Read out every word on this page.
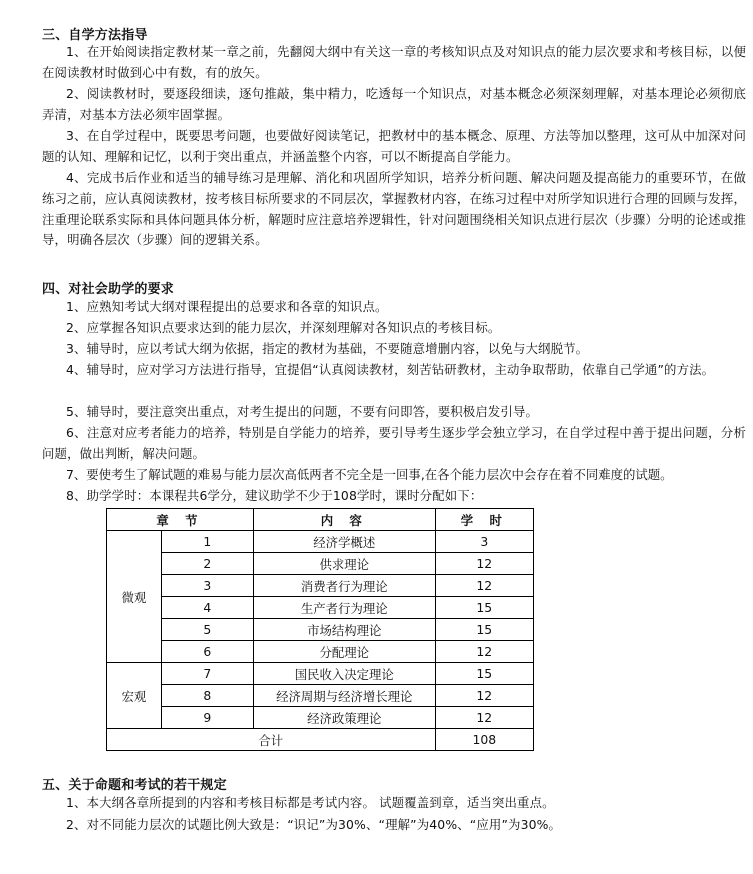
三、自学方法指导

1、在开始阅读指定教材某一章之前，先翻阅大纲中有关这一章的考核知识点及对知识点的能力层次要求和考核目标，以便在阅读教材时做到心中有数，有的放矢。

2、阅读教材时，要逐段细读，逐句推敲，集中精力，吃透每一个知识点，对基本概念必须深刻理解，对基本理论必须彻底弄清，对基本方法必须牢固掌握。

3、在自学过程中，既要思考问题，也要做好阅读笔记，把教材中的基本概念、原理、方法等加以整理，这可从中加深对问题的认知、理解和记忆，以利于突出重点，并涵盖整个内容，可以不断提高自学能力。

4、完成书后作业和适当的辅导练习是理解、消化和巩固所学知识，培养分析问题、解决问题及提高能力的重要环节，在做练习之前，应认真阅读教材，按考核目标所要求的不同层次，掌握教材内容，在练习过程中对所学知识进行合理的回顾与发挥，注重理论联系实际和具体问题具体分析，解题时应注意培养逻辑性，针对问题围绕相关知识点进行层次（步骤）分明的论述或推导，明确各层次（步骤）间的逻辑关系。

四、对社会助学的要求
1、应熟知考试大纲对课程提出的总要求和各章的知识点。
2、应掌握各知识点要求达到的能力层次，并深刻理解对各知识点的考核目标。
3、辅导时，应以考试大纲为依据，指定的教材为基础，不要随意增删内容，以免与大纲脱节。

4、辅导时，应对学习方法进行指导，宜提倡“认真阅读教材，刻苦钻研教材，主动争取帮助，依靠自己学通”的方法。

5、辅导时，要注意突出重点，对考生提出的问题，不要有问即答，要积极启发引导。

6、注意对应考者能力的培养，特别是自学能力的培养，要引导考生逐步学会独立学习，在自学过程中善于提出问题，分析问题，做出判断，解决问题。

7、要使考生了解试题的难易与能力层次高低两者不完全是一回事,在各个能力层次中会存在着不同难度的试题。
8、助学学时：本课程共6学分，建议助学不少于108学时，课时分配如下：
章 节		内 容	学 时
微观	1	经济学概述	3
	2	供求理论	12
	3	消费者行为理论	12
	4	生产者行为理论	15
	5	市场结构理论	15
	6	分配理论	12
宏观	7	国民收入决定理论	15
	8	经济周期与经济增长理论	12
	9	经济政策理论	12
合计			108
五、关于命题和考试的若干规定
1、本大纲各章所提到的内容和考核目标都是考试内容。 试题覆盖到章，适当突出重点。
2、对不同能力层次的试题比例大致是：“识记”为30%、“理解”为40%、“应用”为30%。
